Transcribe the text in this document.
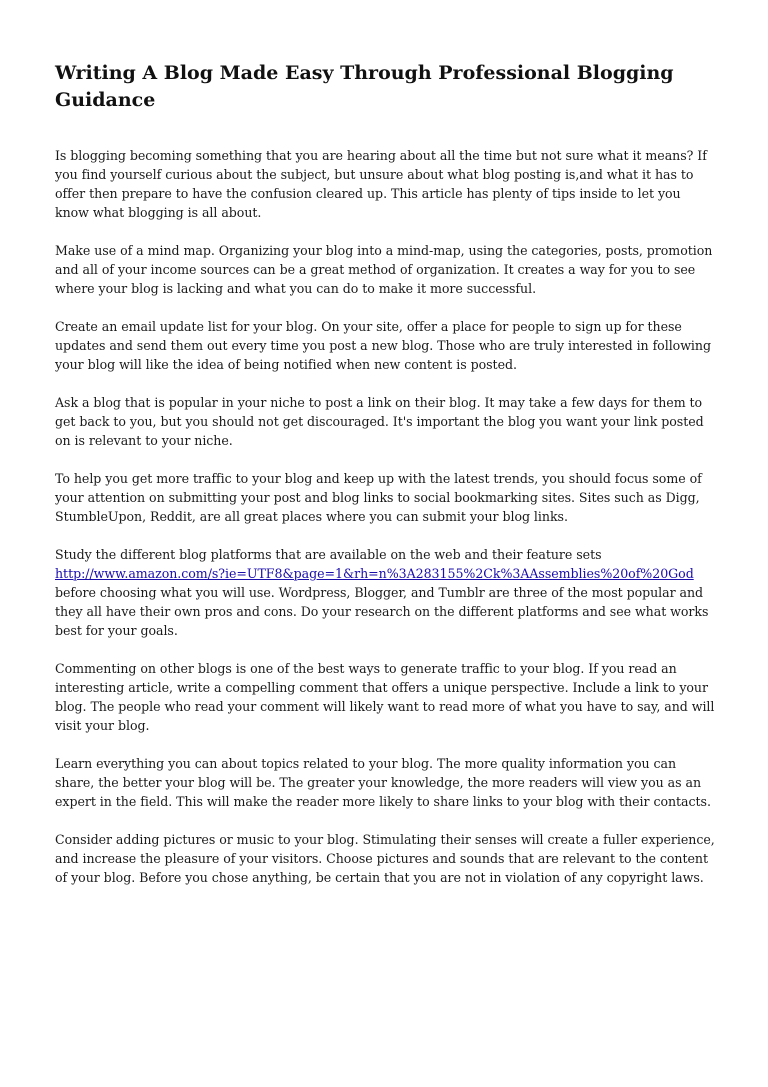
Writing A Blog Made Easy Through Professional Blogging Guidance

Is blogging becoming something that you are hearing about all the time but not sure what it means? If you find yourself curious about the subject, but unsure about what blog posting is,and what it has to offer then prepare to have the confusion cleared up. This article has plenty of tips inside to let you know what blogging is all about.

Make use of a mind map. Organizing your blog into a mind-map, using the categories, posts, promotion and all of your income sources can be a great method of organization. It creates a way for you to see where your blog is lacking and what you can do to make it more successful.

Create an email update list for your blog. On your site, offer a place for people to sign up for these updates and send them out every time you post a new blog. Those who are truly interested in following your blog will like the idea of being notified when new content is posted.

Ask a blog that is popular in your niche to post a link on their blog. It may take a few days for them to get back to you, but you should not get discouraged. It's important the blog you want your link posted on is relevant to your niche.

To help you get more traffic to your blog and keep up with the latest trends, you should focus some of your attention on submitting your post and blog links to social bookmarking sites. Sites such as Digg, StumbleUpon, Reddit, are all great places where you can submit your blog links.

Study the different blog platforms that are available on the web and their feature sets
http://www.amazon.com/s?ie=UTF8&page=1&rh=n%3A283155%2Ck%3AAssemblies%20of%20God
before choosing what you will use. Wordpress, Blogger, and Tumblr are three of the most popular and they all have their own pros and cons. Do your research on the different platforms and see what works best for your goals.

Commenting on other blogs is one of the best ways to generate traffic to your blog. If you read an interesting article, write a compelling comment that offers a unique perspective. Include a link to your blog. The people who read your comment will likely want to read more of what you have to say, and will visit your blog.

Learn everything you can about topics related to your blog. The more quality information you can share, the better your blog will be. The greater your knowledge, the more readers will view you as an expert in the field. This will make the reader more likely to share links to your blog with their contacts.

Consider adding pictures or music to your blog. Stimulating their senses will create a fuller experience, and increase the pleasure of your visitors. Choose pictures and sounds that are relevant to the content of your blog. Before you chose anything, be certain that you are not in violation of any copyright laws.
